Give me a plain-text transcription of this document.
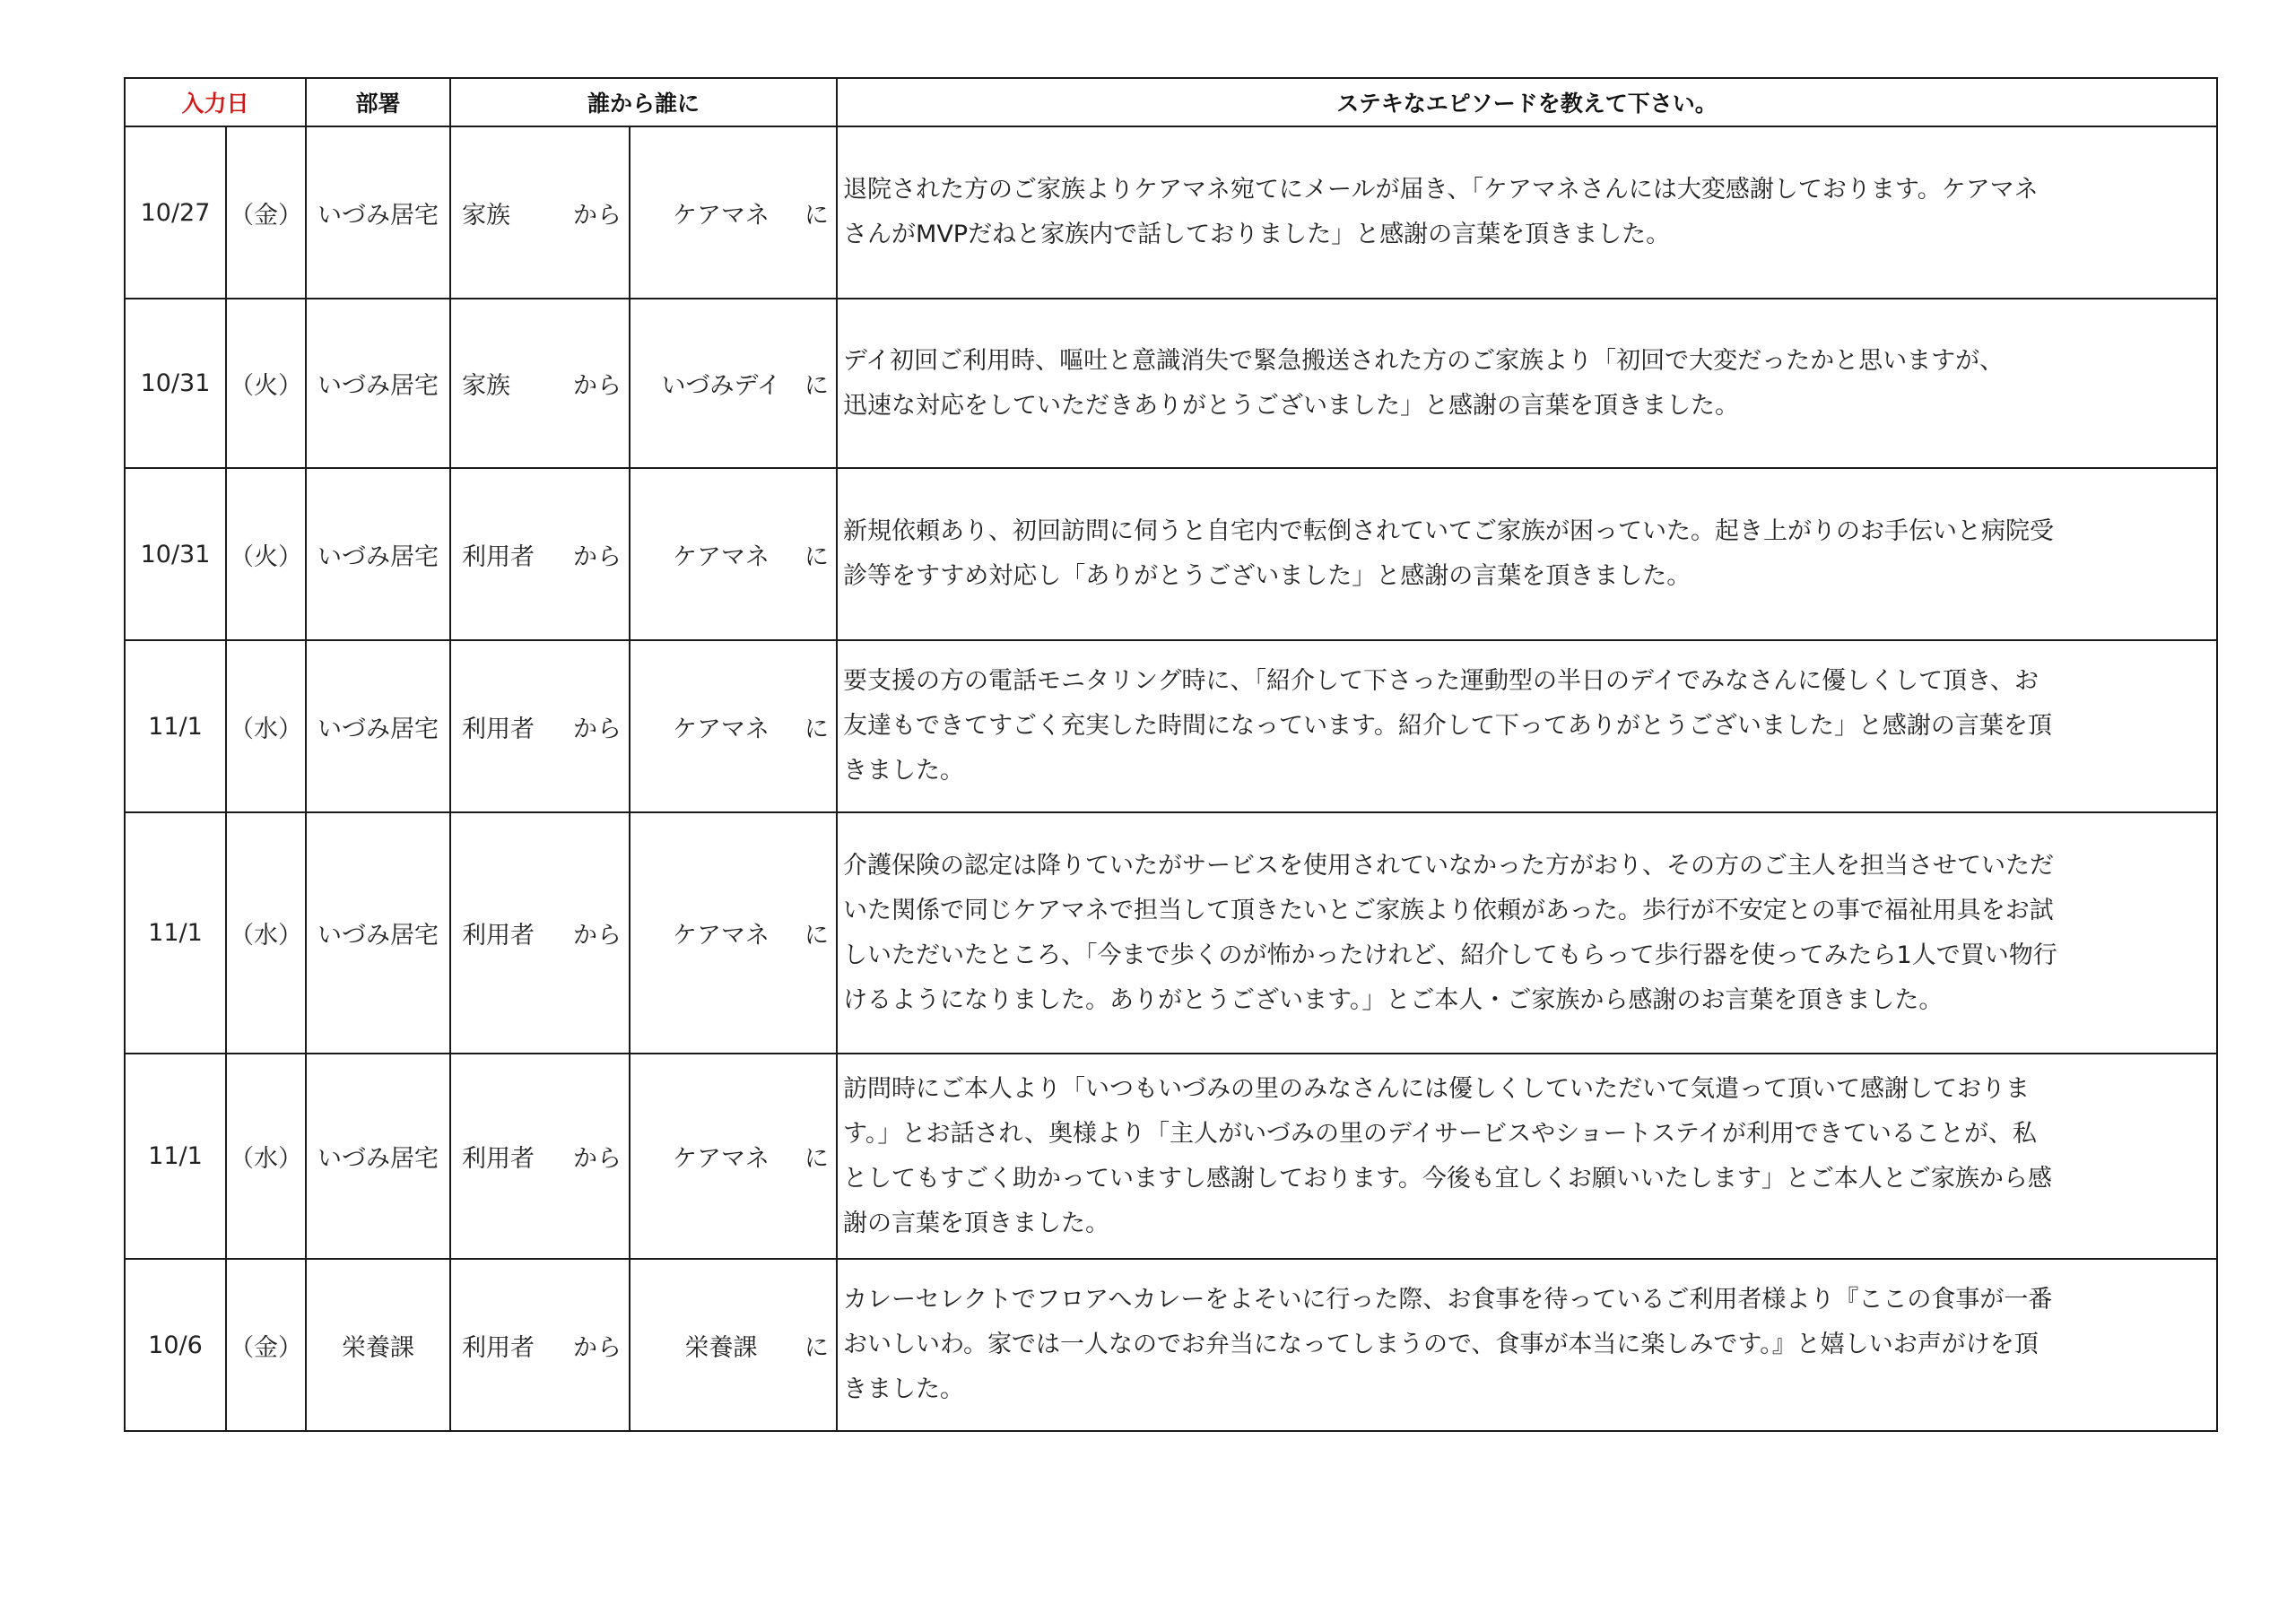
入力日		部署	誰から誰に		ステキなエピソードを教えて下さい。
10/27	（金）	いづみ居宅	家族 から	ケアマネ に	退院された方のご家族よりケアマネ宛てにメールが届き、「ケアマネさんには大変感謝しております。ケアマネ
さんがMVPだねと家族内で話しておりました」と感謝の言葉を頂きました。
10/31	（火）	いづみ居宅	家族 から	いづみデイ に	デイ初回ご利用時、嘔吐と意識消失で緊急搬送された方のご家族より「初回で大変だったかと思いますが、
迅速な対応をしていただきありがとうございました」と感謝の言葉を頂きました。
10/31	（火）	いづみ居宅	利用者 から	ケアマネ に	新規依頼あり、初回訪問に伺うと自宅内で転倒されていてご家族が困っていた。起き上がりのお手伝いと病院受
診等をすすめ対応し「ありがとうございました」と感謝の言葉を頂きました。
11/1	（水）	いづみ居宅	利用者 から	ケアマネ に	要支援の方の電話モニタリング時に、「紹介して下さった運動型の半日のデイでみなさんに優しくして頂き、お
友達もできてすごく充実した時間になっています。紹介して下ってありがとうございました」と感謝の言葉を頂
きました。
11/1	（水）	いづみ居宅	利用者 から	ケアマネ に	介護保険の認定は降りていたがサービスを使用されていなかった方がおり、その方のご主人を担当させていただ
いた関係で同じケアマネで担当して頂きたいとご家族より依頼があった。歩行が不安定との事で福祉用具をお試
しいただいたところ、「今まで歩くのが怖かったけれど、紹介してもらって歩行器を使ってみたら1人で買い物行
けるようになりました。ありがとうございます。」とご本人・ご家族から感謝のお言葉を頂きました。
11/1	（水）	いづみ居宅	利用者 から	ケアマネ に	訪問時にご本人より「いつもいづみの里のみなさんには優しくしていただいて気遣って頂いて感謝しておりま
す。」とお話され、奥様より「主人がいづみの里のデイサービスやショートステイが利用できていることが、私
としてもすごく助かっていますし感謝しております。今後も宜しくお願いいたします」とご本人とご家族から感
謝の言葉を頂きました。
10/6	（金）	栄養課	利用者 から	栄養課 に	カレーセレクトでフロアへカレーをよそいに行った際、お食事を待っているご利用者様より『ここの食事が一番
おいしいわ。家では一人なのでお弁当になってしまうので、食事が本当に楽しみです。』と嬉しいお声がけを頂
きました。
